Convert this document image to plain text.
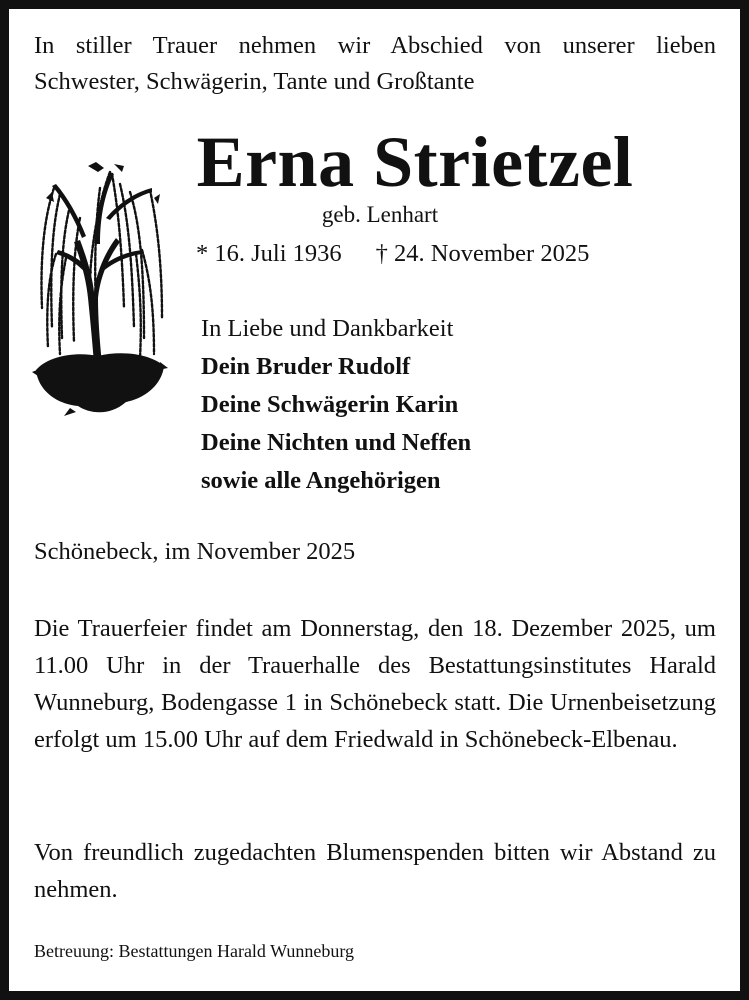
In stiller Trauer nehmen wir Abschied von unserer lieben
Schwester, Schwägerin, Tante und Großtante
Erna Strietzel
geb. Lenhart
* 16. Juli 1936 † 24. November 2025
In Liebe und Dankbarkeit
Dein Bruder Rudolf
Deine Schwägerin Karin
Deine Nichten und Neffen
sowie alle Angehörigen
Schönebeck, im November 2025
Die Trauerfeier findet am Donnerstag, den 18. Dezember 2025, um 11.00 Uhr in der Trauerhalle des Bestattungsinstitutes Harald Wunneburg, Bodengasse 1 in Schönebeck statt. Die Urnenbeisetzung erfolgt um 15.00 Uhr auf dem Friedwald in Schönebeck-Elbenau.
Von freundlich zugedachten Blumenspenden bitten wir Abstand zu nehmen.
Betreuung: Bestattungen Harald Wunneburg
